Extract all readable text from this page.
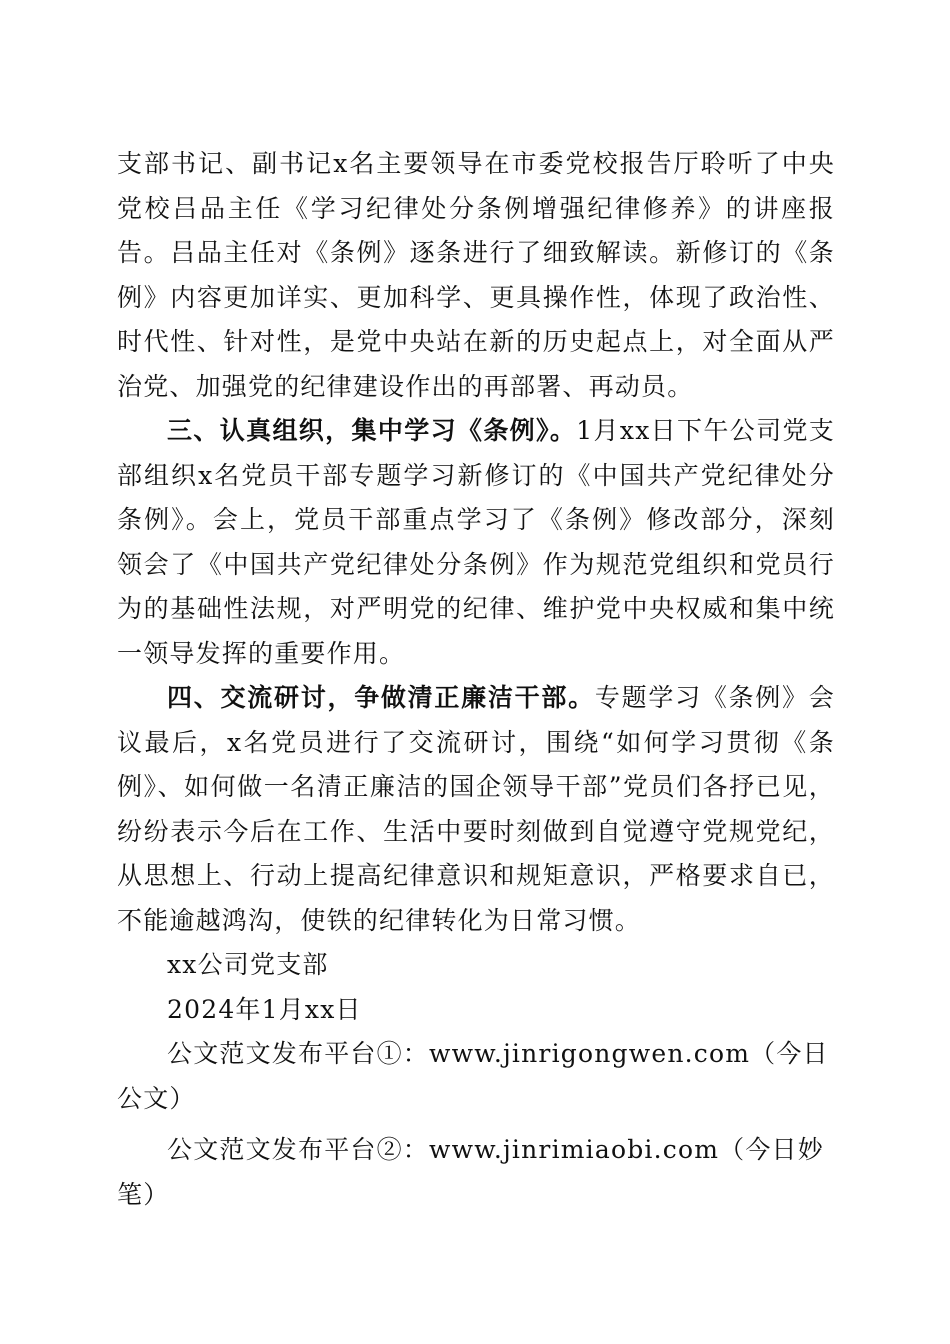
支部书记、副书记x名主要领导在市委党校报告厅聆听了中央党校吕品主任《学习纪律处分条例增强纪律修养》的讲座报告。吕品主任对《条例》逐条进行了细致解读。新修订的《条例》内容更加详实、更加科学、更具操作性，体现了政治性、时代性、针对性，是党中央站在新的历史起点上，对全面从严治党、加强党的纪律建设作出的再部署、再动员。

三、认真组织，集中学习《条例》。1月xx日下午公司党支部组织x名党员干部专题学习新修订的《中国共产党纪律处分条例》。会上，党员干部重点学习了《条例》修改部分，深刻领会了《中国共产党纪律处分条例》作为规范党组织和党员行为的基础性法规，对严明党的纪律、维护党中央权威和集中统一领导发挥的重要作用。

四、交流研讨，争做清正廉洁干部。专题学习《条例》会议最后，x名党员进行了交流研讨，围绕“如何学习贯彻《条例》、如何做一名清正廉洁的国企领导干部”党员们各抒已见，纷纷表示今后在工作、生活中要时刻做到自觉遵守党规党纪，从思想上、行动上提高纪律意识和规矩意识，严格要求自已，不能逾越鸿沟，使铁的纪律转化为日常习惯。

xx公司党支部

2024年1月xx日

公文范文发布平台①：www.jinrigongwen.com（今日公文）

公文范文发布平台②：www.jinrimiaobi.com（今日妙笔）
